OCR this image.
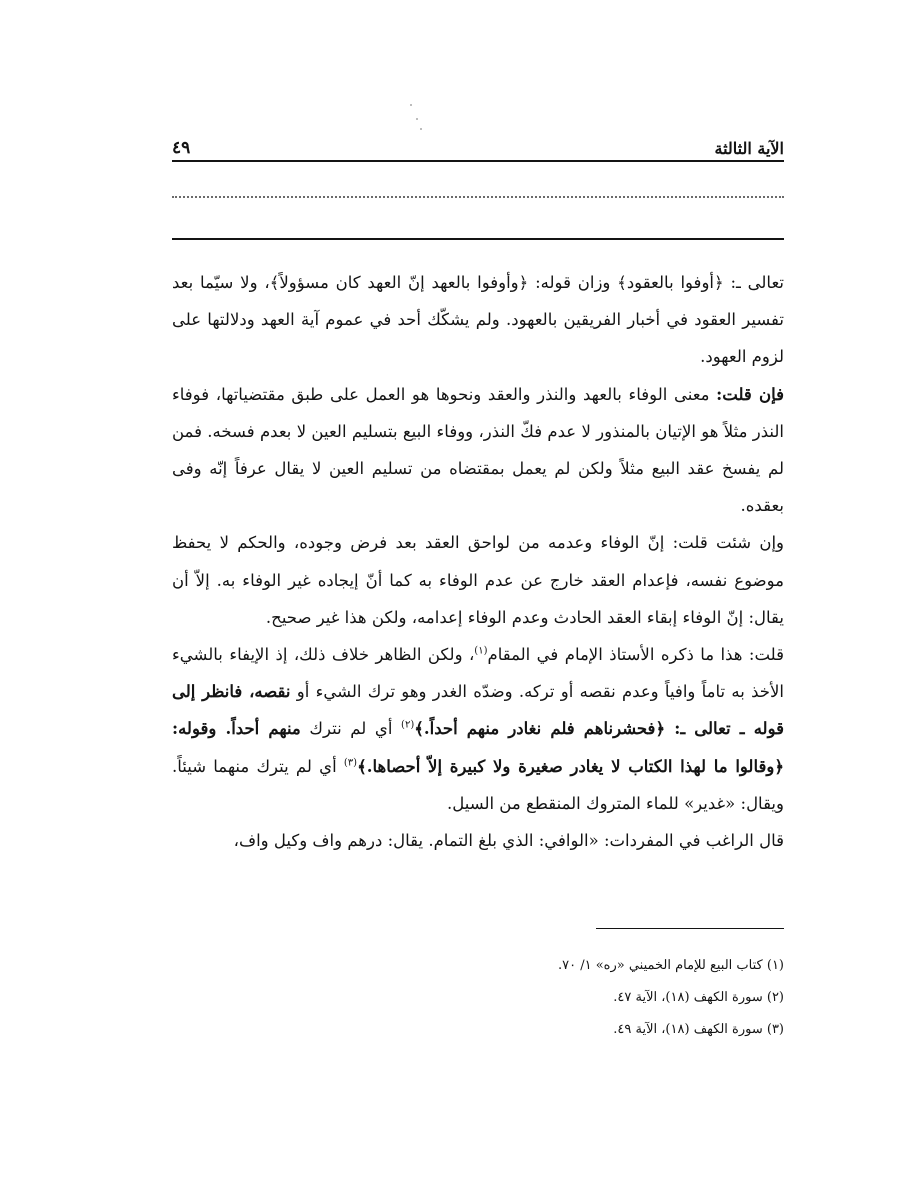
الآية الثالثة
٤٩

تعالى ـ: ﴿أوفوا بالعقود﴾ وزان قوله: ﴿وأوفوا بالعهد إنّ العهد كان مسؤولاً﴾، ولا سيّما بعد تفسير العقود في أخبار الفريقين بالعهود. ولم يشكّك أحد في عموم آية العهد ودلالتها على لزوم العهود.

فإن قلت: معنى الوفاء بالعهد والنذر والعقد ونحوها هو العمل على طبق مقتضياتها، فوفاء النذر مثلاً هو الإتيان بالمنذور لا عدم فكّ النذر، ووفاء البيع بتسليم العين لا بعدم فسخه. فمن لم يفسخ عقد البيع مثلاً ولكن لم يعمل بمقتضاه من تسليم العين لا يقال عرفاً إنّه وفى بعقده.

وإن شئت قلت: إنّ الوفاء وعدمه من لواحق العقد بعد فرض وجوده، والحكم لا يحفظ موضوع نفسه، فإعدام العقد خارج عن عدم الوفاء به كما أنّ إيجاده غير الوفاء به. إلاّ أن يقال: إنّ الوفاء إبقاء العقد الحادث وعدم الوفاء إعدامه، ولكن هذا غير صحيح.

قلت: هذا ما ذكره الأستاذ الإمام في المقام$^{(١)}$، ولكن الظاهر خلاف ذلك، إذ الإيفاء بالشيء الأخذ به تاماً وافياً وعدم نقصه أو تركه. وضدّه الغدر وهو ترك الشيء أو نقصه، فانظر إلى قوله ـ تعالى ـ: ﴿فحشرناهم فلم نغادر منهم أحداً.﴾$^{(٢)}$ أي لم نترك منهم أحداً. وقوله: ﴿وقالوا ما لهذا الكتاب لا يغادر صغيرة ولا كبيرة إلاّ أحصاها.﴾$^{(٣)}$ أي لم يترك منهما شيئاً. ويقال: «غدير» للماء المتروك المنقطع من السيل.

قال الراغب في المفردات: «الوافي: الذي بلغ التمام. يقال: درهم واف وكيل واف،

(١) كتاب البيع للإمام الخميني «ره» ١/ ٧٠.
(٢) سورة الكهف (١٨)، الآية ٤٧.
(٣) سورة الكهف (١٨)، الآية ٤٩.
